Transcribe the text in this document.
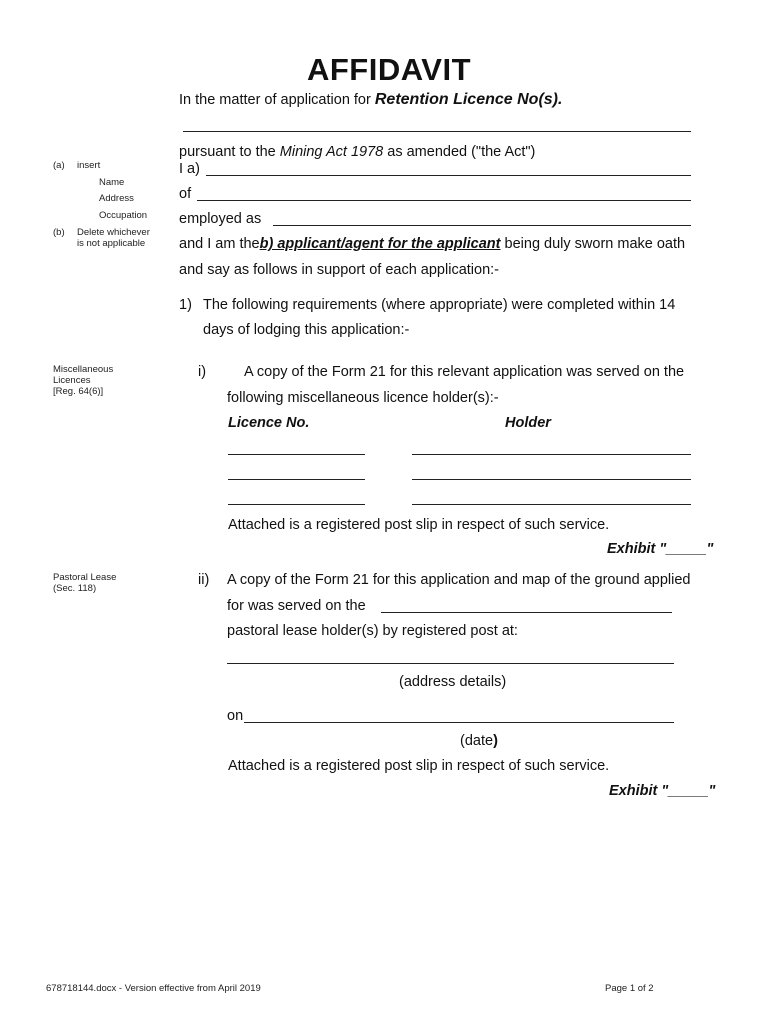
AFFIDAVIT
In the matter of application for Retention Licence No(s).
pursuant to the Mining Act 1978 as amended ("the Act")
I a)
of
employed as
and I am theb) applicant/agent for the applicant being duly sworn make oath
and say as follows in support of each application:-
(a) insert
Name
Address
Occupation
(b) Delete whichever
is not applicable
1) The following requirements (where appropriate) were completed within 14
days of lodging this application:-
Miscellaneous
Licences
[Reg. 64(6)]
i)	A copy of the Form 21 for this relevant application was served on the
following miscellaneous licence holder(s):-
Licence No.	Holder
Attached is a registered post slip in respect of such service.
Exhibit "_____"
Pastoral Lease
(Sec. 118)
ii) A copy of the Form 21 for this application and map of the ground applied
for was served on the
pastoral lease holder(s) by registered post at:
(address details)
on
(date)
Attached is a registered post slip in respect of such service.
Exhibit "_____"
678718144.docx - Version effective from April 2019	Page 1 of 2
